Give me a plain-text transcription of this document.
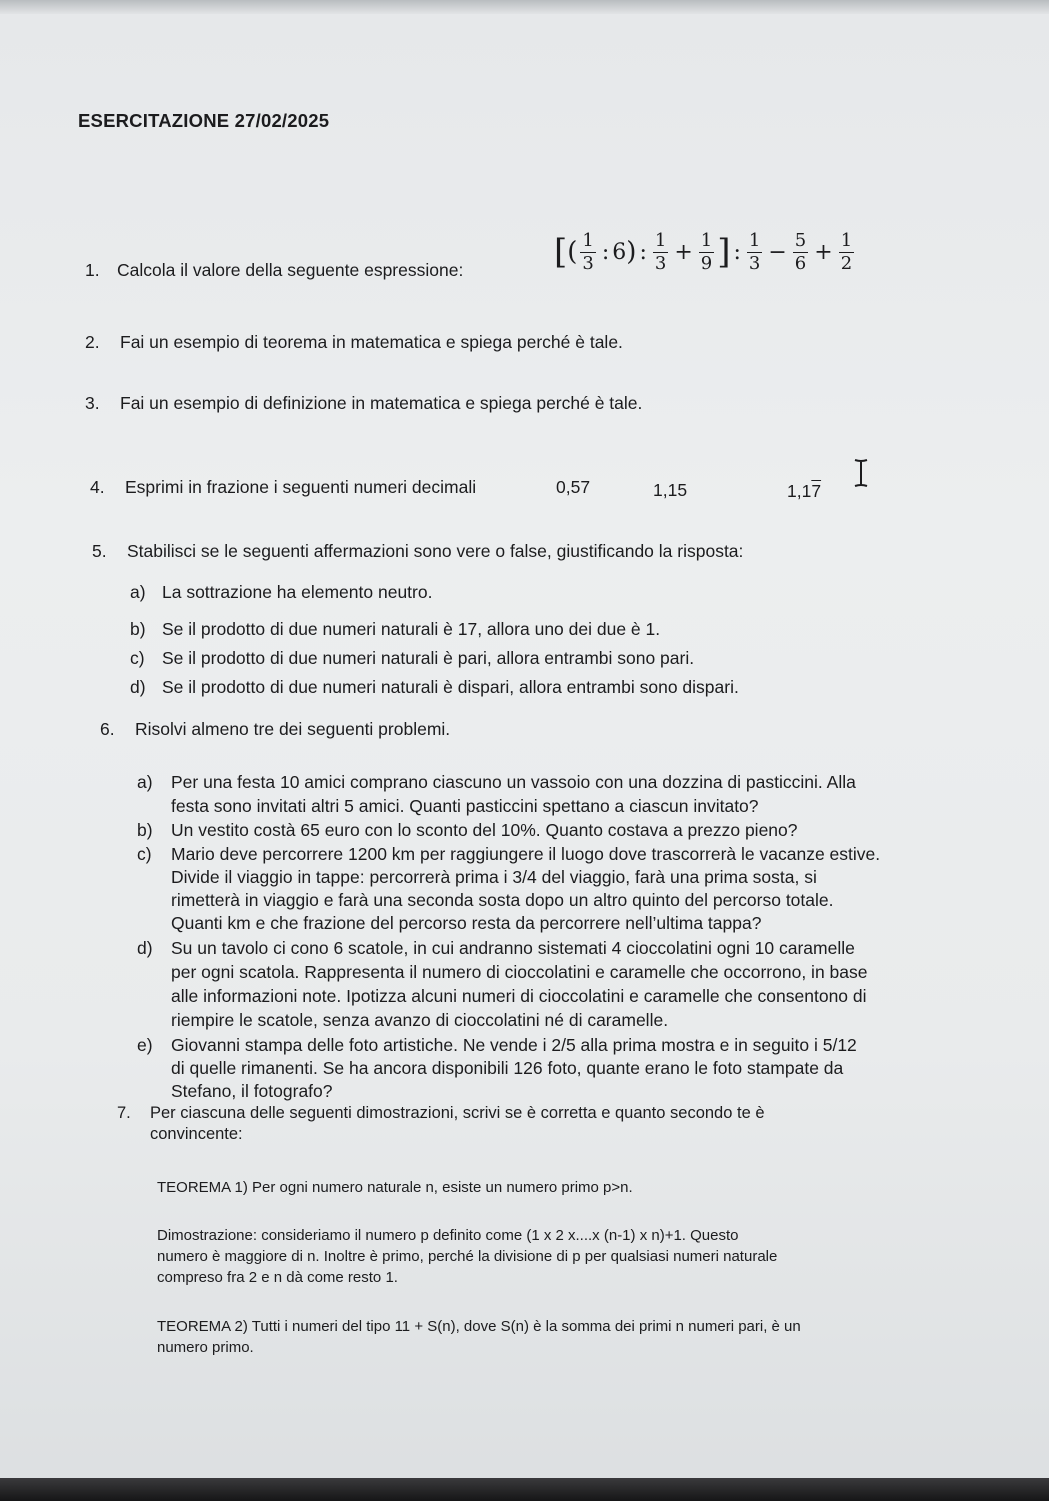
ESERCITAZIONE 27/02/2025
1. Calcola il valore della seguente espressione:	[ ( $\frac{1}{3}$ : 6 ) : $\frac{1}{3} + \frac{1}{9}$ ] : $\frac{1}{3} - \frac{5}{6} + \frac{1}{2}$
2. Fai un esempio di teorema in matematica e spiega perché è tale.
3. Fai un esempio di definizione in matematica e spiega perché è tale.
4. Esprimi in frazione i seguenti numeri decimali	0,57	1,15	1,17
5. Stabilisci se le seguenti affermazioni sono vere o false, giustificando la risposta:
a) La sottrazione ha elemento neutro.
b) Se il prodotto di due numeri naturali è 17, allora uno dei due è 1.
c) Se il prodotto di due numeri naturali è pari, allora entrambi sono pari.
d) Se il prodotto di due numeri naturali è dispari, allora entrambi sono dispari.
6. Risolvi almeno tre dei seguenti problemi.
a) Per una festa 10 amici comprano ciascuno un vassoio con una dozzina di pasticcini. Alla
festa sono invitati altri 5 amici. Quanti pasticcini spettano a ciascun invitato?
b) Un vestito costà 65 euro con lo sconto del 10%. Quanto costava a prezzo pieno?
c) Mario deve percorrere 1200 km per raggiungere il luogo dove trascorrerà le vacanze estive.
Divide il viaggio in tappe: percorrerà prima i 3/4 del viaggio, farà una prima sosta, si
rimetterà in viaggio e farà una seconda sosta dopo un altro quinto del percorso totale.
Quanti km e che frazione del percorso resta da percorrere nell’ultima tappa?
d) Su un tavolo ci cono 6 scatole, in cui andranno sistemati 4 cioccolatini ogni 10 caramelle
per ogni scatola. Rappresenta il numero di cioccolatini e caramelle che occorrono, in base
alle informazioni note. Ipotizza alcuni numeri di cioccolatini e caramelle che consentono di
riempire le scatole, senza avanzo di cioccolatini né di caramelle.
e) Giovanni stampa delle foto artistiche. Ne vende i 2/5 alla prima mostra e in seguito i 5/12
di quelle rimanenti. Se ha ancora disponibili 126 foto, quante erano le foto stampate da
Stefano, il fotografo?
7. Per ciascuna delle seguenti dimostrazioni, scrivi se è corretta e quanto secondo te è
convincente:
TEOREMA 1) Per ogni numero naturale n, esiste un numero primo p>n.
Dimostrazione: consideriamo il numero p definito come (1 x 2 x....x (n-1) x n)+1. Questo
numero è maggiore di n. Inoltre è primo, perché la divisione di p per qualsiasi numeri naturale
compreso fra 2 e n dà come resto 1.
TEOREMA 2) Tutti i numeri del tipo 11 + S(n), dove S(n) è la somma dei primi n numeri pari, è un
numero primo.
